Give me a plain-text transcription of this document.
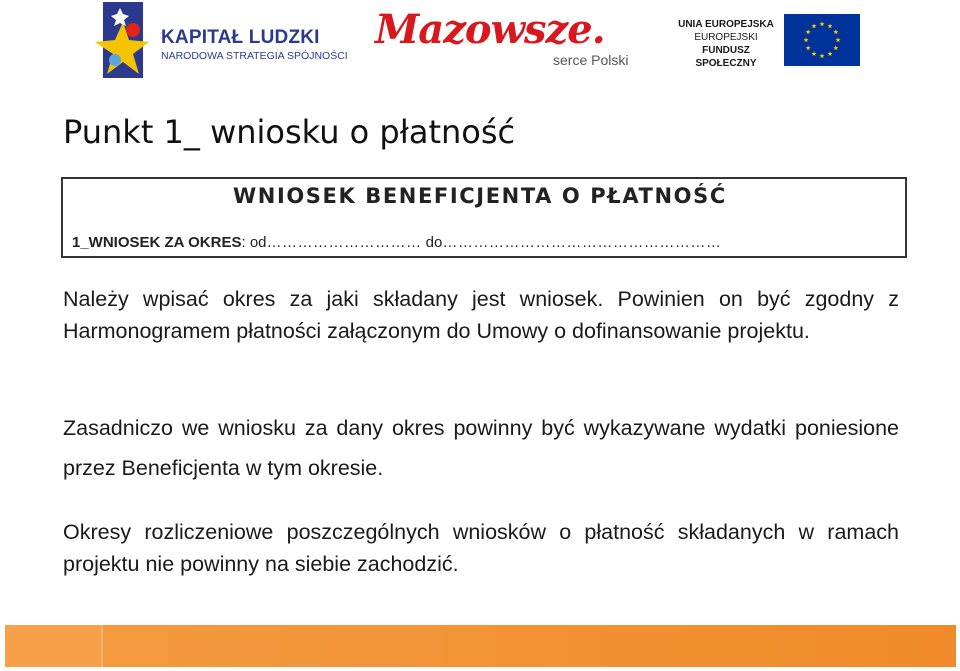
KAPITAŁ LUDZKI
NARODOWA STRATEGIA SPÓJNOŚCI
Mazowsze.
serce Polski
UNIA EUROPEJSKA
EUROPEJSKI
FUNDUSZ SPOŁECZNY
Punkt 1_ wniosku o płatność
WNIOSEK BENEFICJENTA O PŁATNOŚĆ
1_WNIOSEK ZA OKRES: od………………………… do………………………………………………

Należy wpisać okres za jaki składany jest wniosek. Powinien on być zgodny z Harmonogramem płatności załączonym do Umowy o dofinansowanie projektu.

Zasadniczo we wniosku za dany okres powinny być wykazywane wydatki poniesione przez Beneficjenta w tym okresie.

Okresy rozliczeniowe poszczególnych wniosków o płatność składanych w ramach projektu nie powinny na siebie zachodzić.
